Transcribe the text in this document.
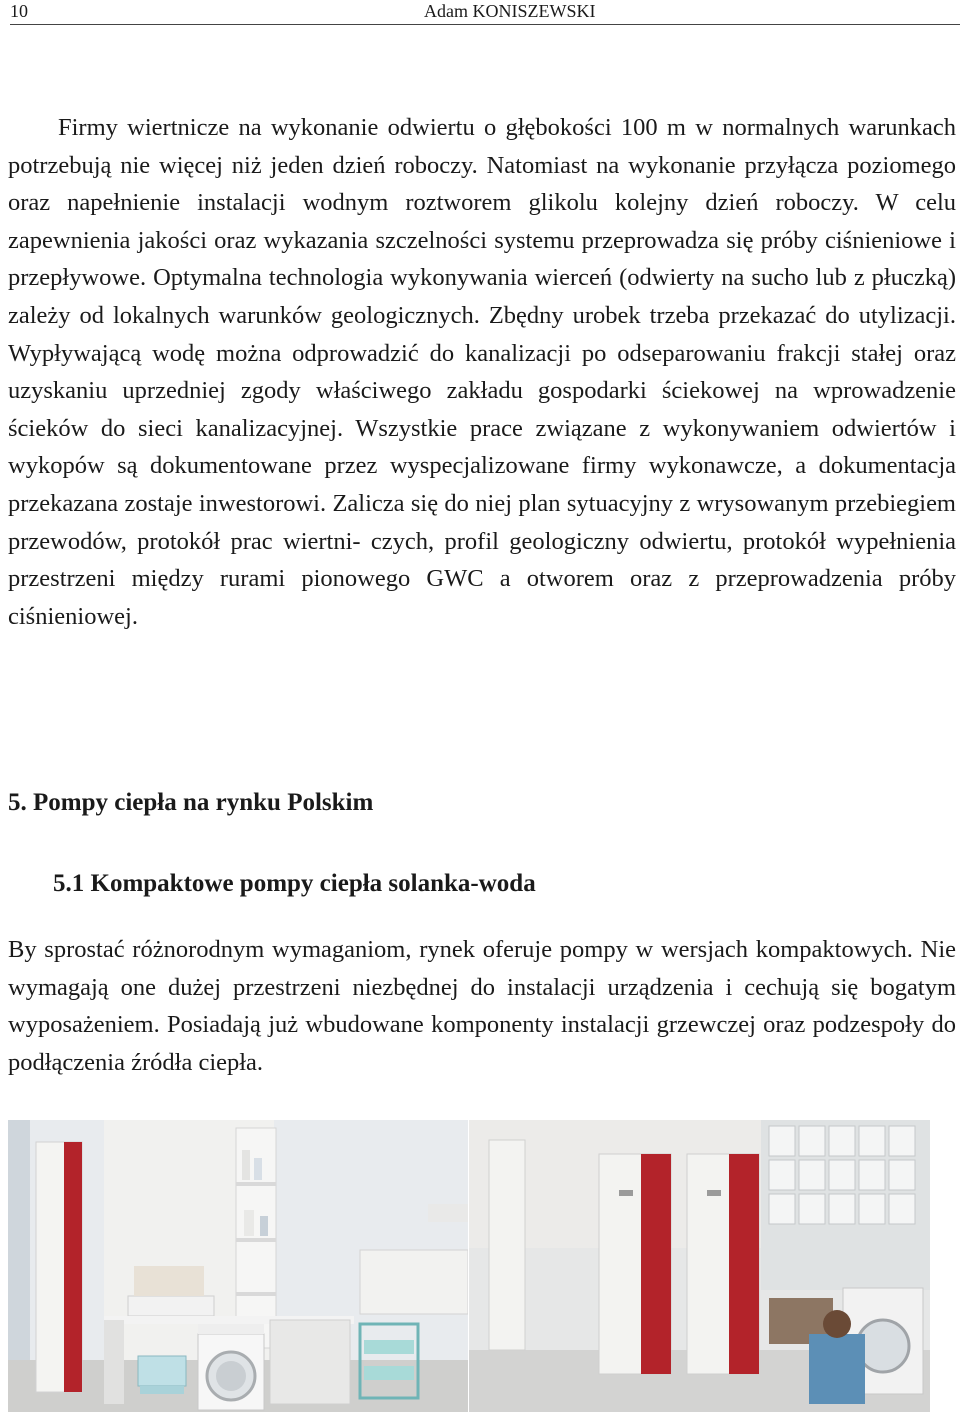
10	Adam KONISZEWSKI

Firmy wiertnicze na wykonanie odwiertu o głębokości 100 m w normalnych warunkach potrzebują nie więcej niż jeden dzień roboczy. Natomiast na wykonanie przyłącza poziomego oraz napełnienie instalacji wodnym roztworem glikolu kolejny dzień roboczy. W celu zapewnienia jakości oraz wykazania szczelności systemu przeprowadza się próby ciśnieniowe i przepływowe. Optymalna technologia wykonywania wierceń (odwierty na sucho lub z płuczką) zależy od lokalnych warunków geologicznych. Zbędny urobek trzeba przekazać do utylizacji. Wypływającą wodę można odprowadzić do kanalizacji po odseparowaniu frakcji stałej oraz uzyskaniu uprzedniej zgody właściwego zakładu gospodarki ściekowej na wprowadzenie ścieków do sieci kanalizacyjnej. Wszystkie prace związane z wykonywaniem odwiertów i wykopów są dokumentowane przez wyspecjalizowane firmy wykonawcze, a dokumentacja przekazana zostaje inwestorowi. Zalicza się do niej plan sytuacyjny z wrysowanym przebiegiem przewodów, protokół prac wiertni- czych, profil geologiczny odwiertu, protokół wypełnienia przestrzeni między rurami pionowego GWC a otworem oraz z przeprowadzenia próby ciśnieniowej.

5. Pompy ciepła na rynku Polskim
5.1 Kompaktowe pompy ciepła solanka-woda

By sprostać różnorodnym wymaganiom, rynek oferuje pompy w wersjach kompaktowych. Nie wymagają one dużej przestrzeni niezbędnej do instalacji urządzenia i cechują się bogatym wyposażeniem. Posiadają już wbudowane komponenty instalacji grzewczej oraz podzespoły do podłączenia źródła ciepła.
